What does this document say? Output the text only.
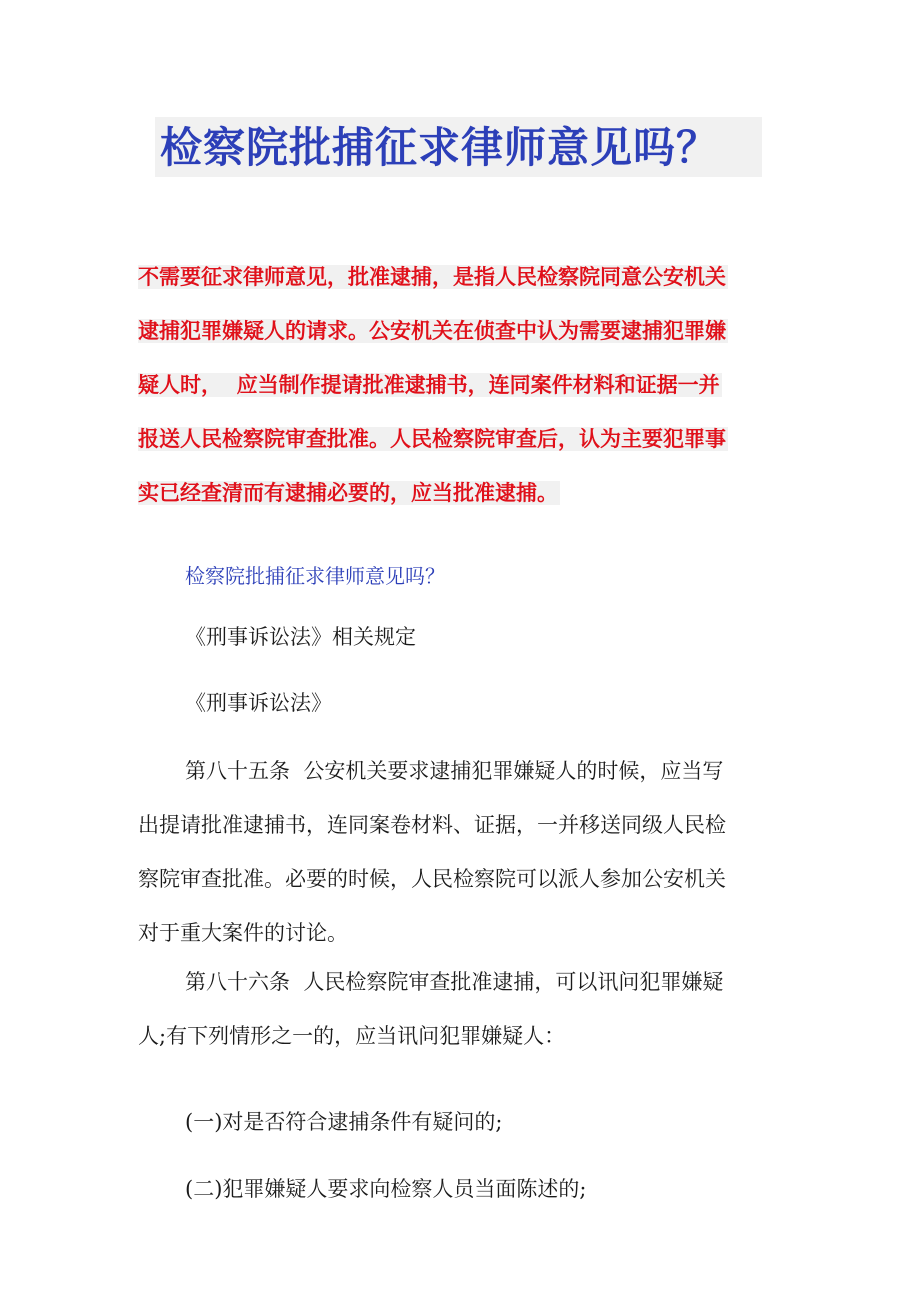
检察院批捕征求律师意见吗？
不需要征求律师意见，批准逮捕，是指人民检察院同意公安机关
逮捕犯罪嫌疑人的请求。公安机关在侦查中认为需要逮捕犯罪嫌
疑人时，  应当制作提请批准逮捕书，连同案件材料和证据一并
报送人民检察院审查批准。人民检察院审查后，认为主要犯罪事
实已经查清而有逮捕必要的，应当批准逮捕。
检察院批捕征求律师意见吗？
《刑事诉讼法》相关规定
《刑事诉讼法》
第八十五条  公安机关要求逮捕犯罪嫌疑人的时候，应当写
出提请批准逮捕书，连同案卷材料、证据，一并移送同级人民检
察院审查批准。必要的时候，人民检察院可以派人参加公安机关
对于重大案件的讨论。
第八十六条  人民检察院审查批准逮捕，可以讯问犯罪嫌疑
人;有下列情形之一的，应当讯问犯罪嫌疑人：
(一)对是否符合逮捕条件有疑问的;
(二)犯罪嫌疑人要求向检察人员当面陈述的;
